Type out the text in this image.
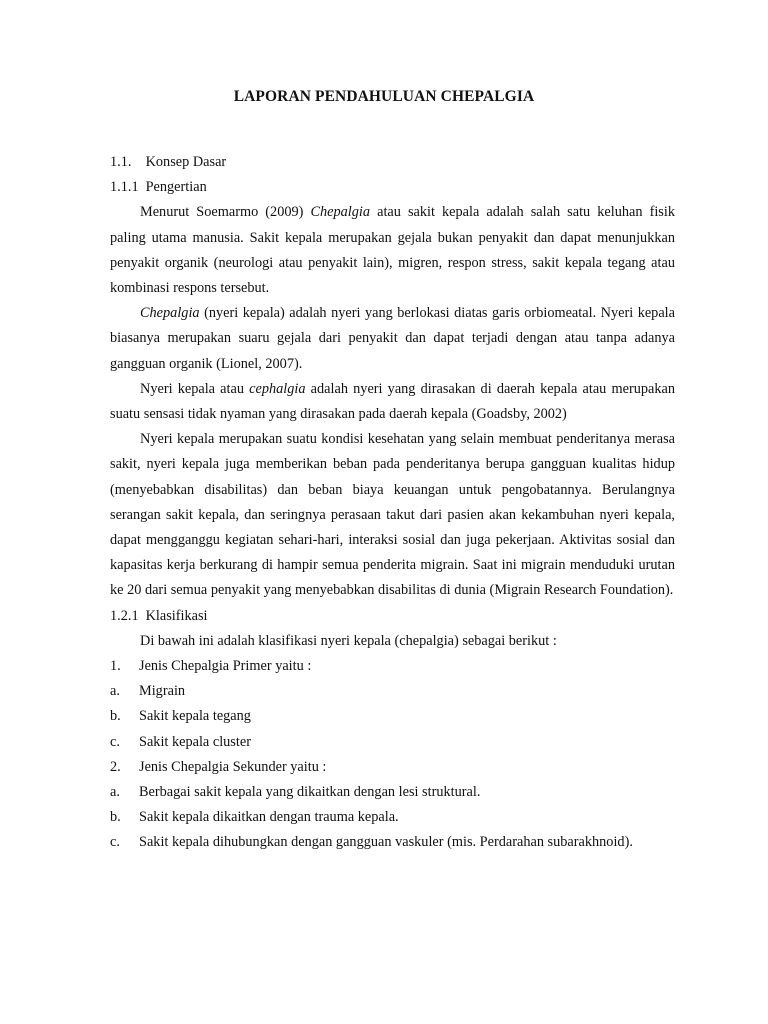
LAPORAN PENDAHULUAN CHEPALGIA
1.1. Konsep Dasar
1.1.1 Pengertian

Menurut Soemarmo (2009) Chepalgia atau sakit kepala adalah salah satu keluhan fisik paling utama manusia. Sakit kepala merupakan gejala bukan penyakit dan dapat menunjukkan penyakit organik (neurologi atau penyakit lain), migren, respon stress, sakit kepala tegang atau kombinasi respons tersebut.

Chepalgia (nyeri kepala) adalah nyeri yang berlokasi diatas garis orbiomeatal. Nyeri kepala biasanya merupakan suaru gejala dari penyakit dan dapat terjadi dengan atau tanpa adanya gangguan organik (Lionel, 2007).

Nyeri kepala atau cephalgia adalah nyeri yang dirasakan di daerah kepala atau merupakan suatu sensasi tidak nyaman yang dirasakan pada daerah kepala (Goadsby, 2002)

Nyeri kepala merupakan suatu kondisi kesehatan yang selain membuat penderitanya merasa sakit, nyeri kepala juga memberikan beban pada penderitanya berupa gangguan kualitas hidup (menyebabkan disabilitas) dan beban biaya keuangan untuk pengobatannya. Berulangnya serangan sakit kepala, dan seringnya perasaan takut dari pasien akan kekambuhan nyeri kepala, dapat mengganggu kegiatan sehari-hari, interaksi sosial dan juga pekerjaan. Aktivitas sosial dan kapasitas kerja berkurang di hampir semua penderita migrain. Saat ini migrain menduduki urutan ke 20 dari semua penyakit yang menyebabkan disabilitas di dunia (Migrain Research Foundation).

1.2.1 Klasifikasi

Di bawah ini adalah klasifikasi nyeri kepala (chepalgia) sebagai berikut :

1.	Jenis Chepalgia Primer yaitu :
a.	Migrain
b.	Sakit kepala tegang
c.	Sakit kepala cluster
2.	Jenis Chepalgia Sekunder yaitu :
a.	Berbagai sakit kepala yang dikaitkan dengan lesi struktural.
b.	Sakit kepala dikaitkan dengan trauma kepala.
c.	Sakit kepala dihubungkan dengan gangguan vaskuler (mis. Perdarahan subarakhnoid).
